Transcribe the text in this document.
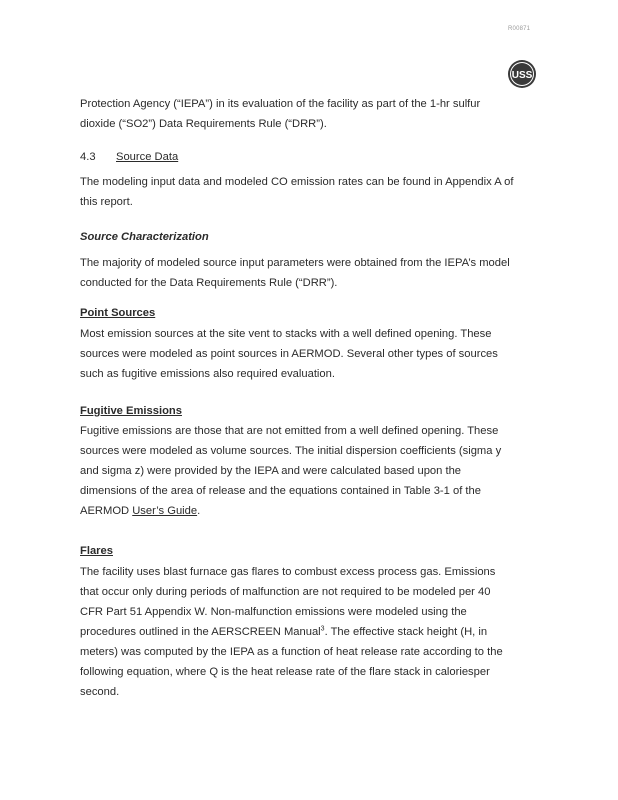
R00871
USS

Protection Agency (“IEPA”) in its evaluation of the facility as part of the 1-hr sulfur
dioxide (“SO2”) Data Requirements Rule (“DRR”).

4.3 Source Data

The modeling input data and modeled CO emission rates can be found in Appendix A of
this report.

Source Characterization

The majority of modeled source input parameters were obtained from the IEPA’s model
conducted for the Data Requirements Rule (“DRR”).

Point Sources

Most emission sources at the site vent to stacks with a well defined opening. These
sources were modeled as point sources in AERMOD. Several other types of sources
such as fugitive emissions also required evaluation.

Fugitive Emissions

Fugitive emissions are those that are not emitted from a well defined opening. These
sources were modeled as volume sources. The initial dispersion coefficients (sigma y
and sigma z) were provided by the IEPA and were calculated based upon the
dimensions of the area of release and the equations contained in Table 3-1 of the
AERMOD User’s Guide.

Flares

The facility uses blast furnace gas flares to combust excess process gas. Emissions
that occur only during periods of malfunction are not required to be modeled per 40
CFR Part 51 Appendix W. Non-malfunction emissions were modeled using the
procedures outlined in the AERSCREEN Manual$^3$. The effective stack height (H, in
meters) was computed by the IEPA as a function of heat release rate according to the
following equation, where Q is the heat release rate of the flare stack in caloriesper
second.
